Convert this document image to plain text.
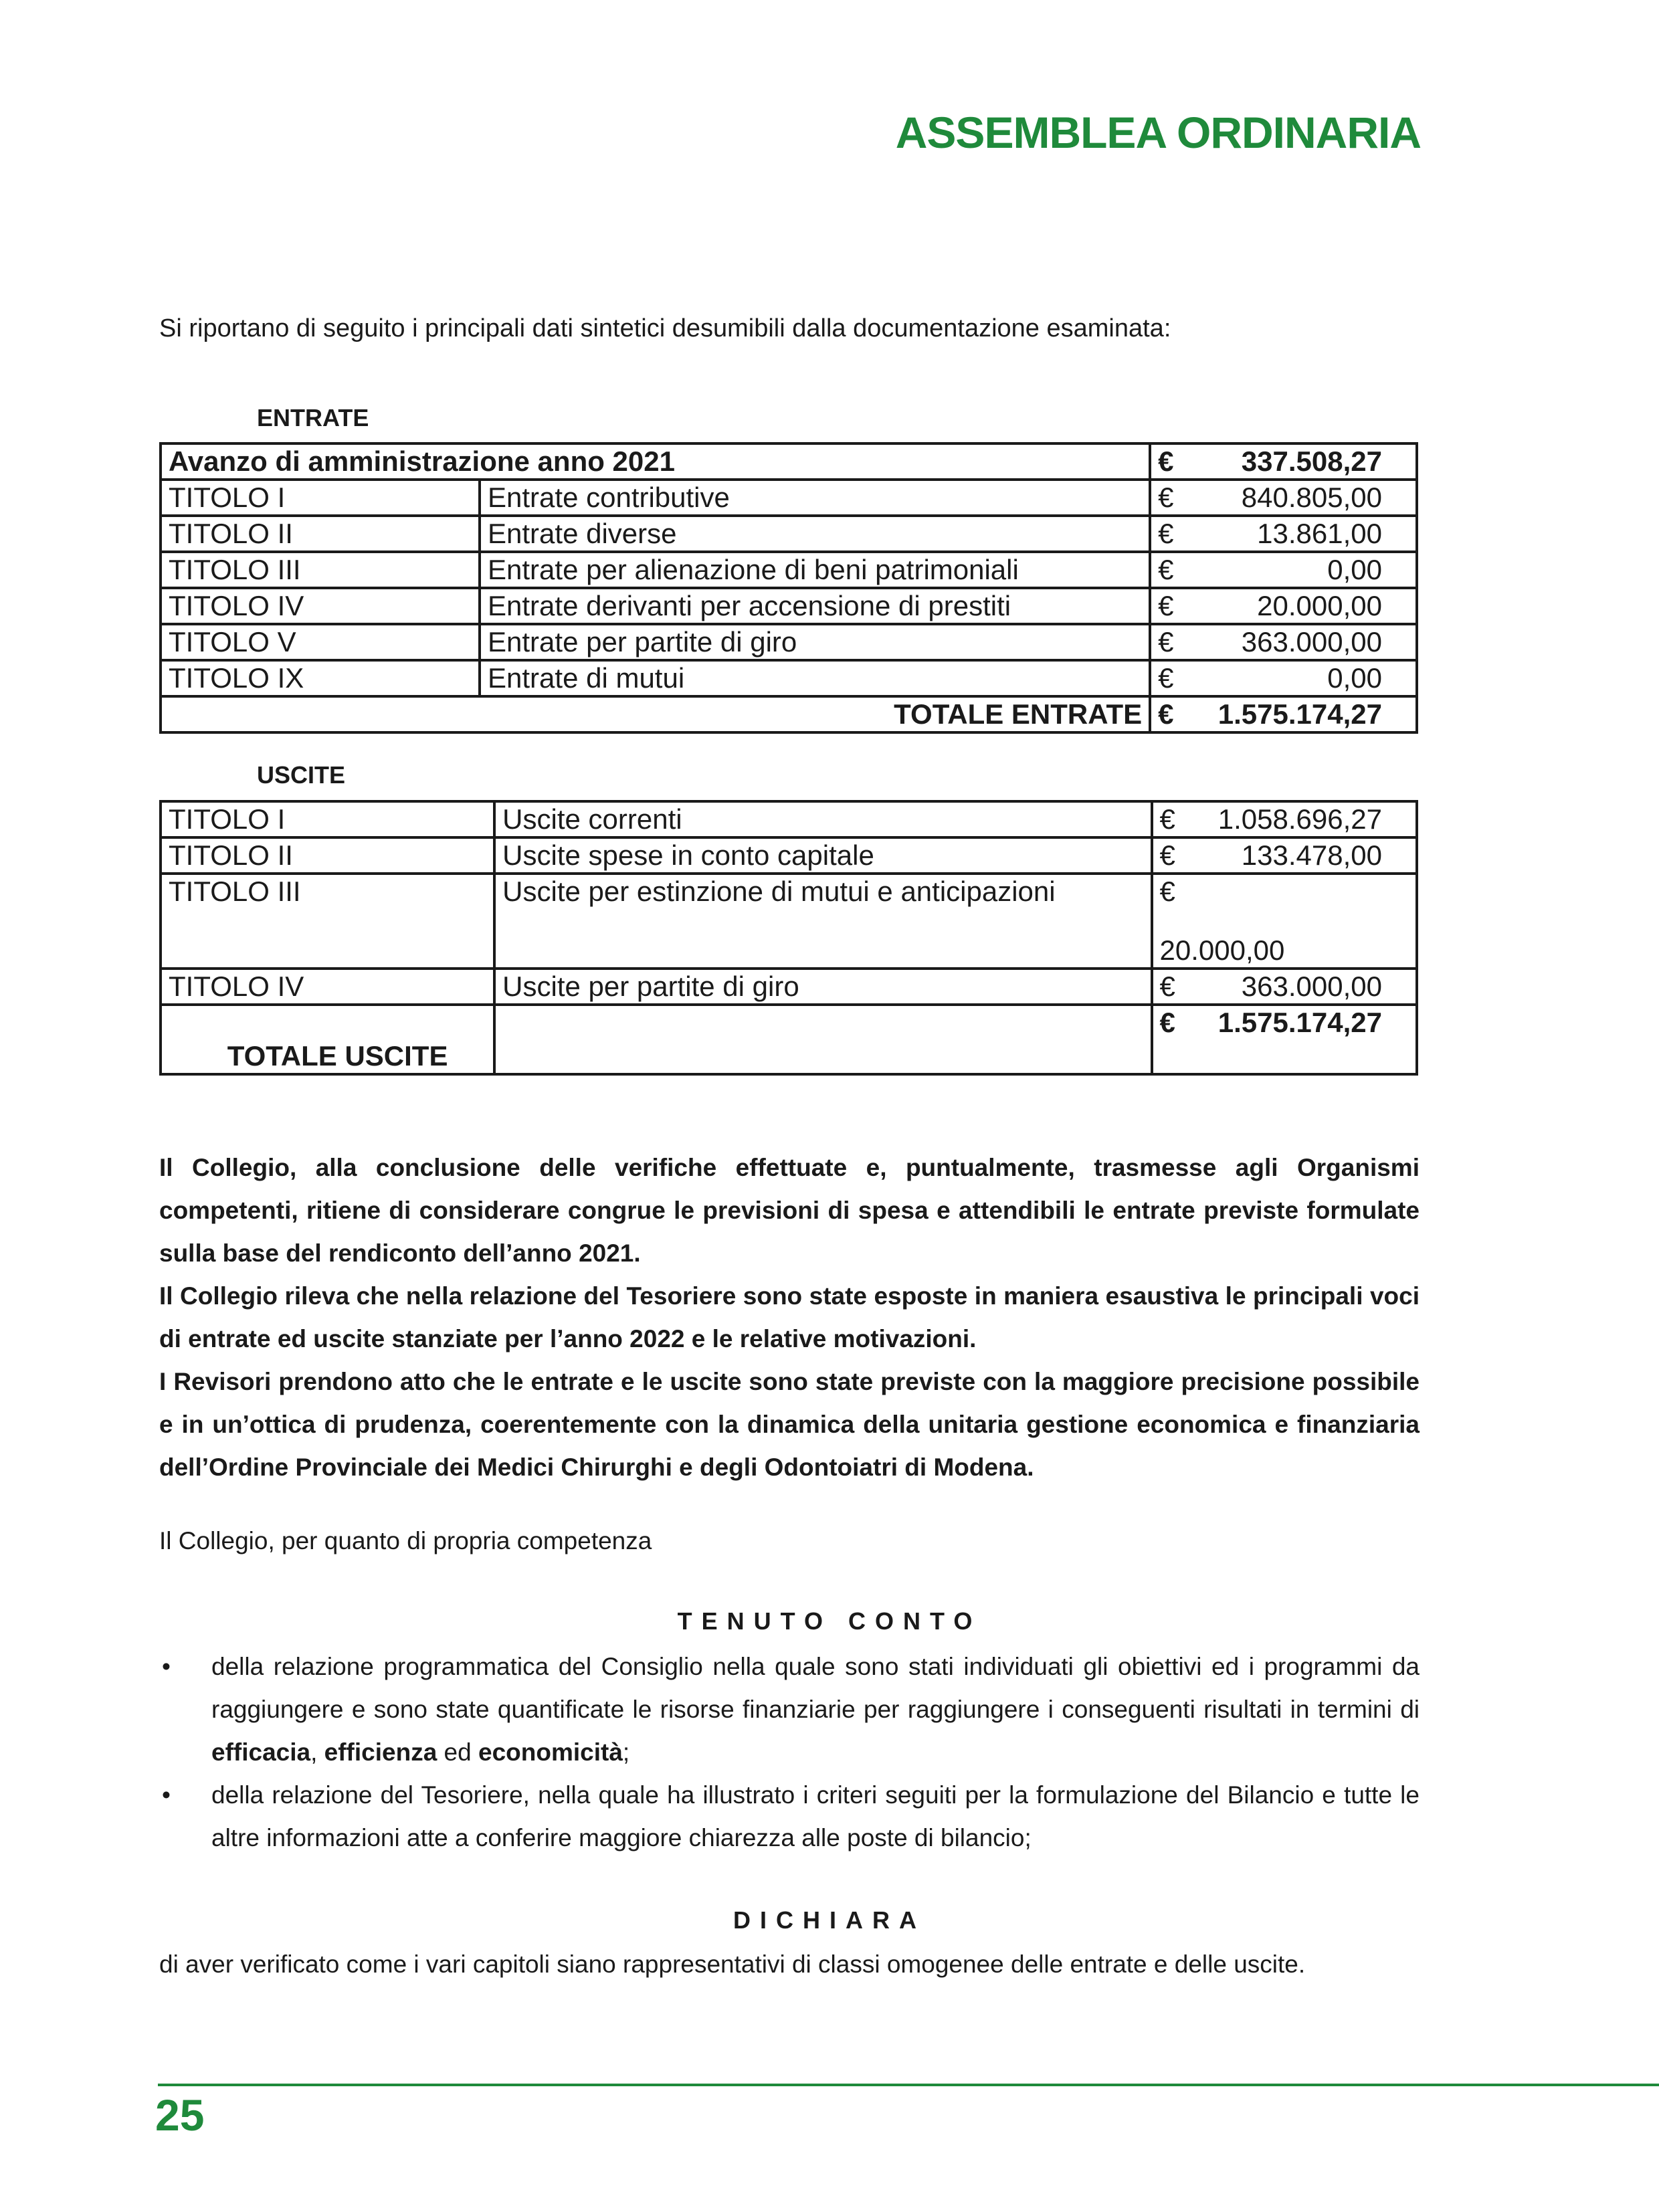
ASSEMBLEA ORDINARIA
Si riportano di seguito i principali dati sintetici desumibili dalla documentazione esaminata:
ENTRATE
Avanzo di amministrazione anno 2021		€ 337.508,27

TITOLO I	Entrate contributive	€ 840.805,00

TITOLO II	Entrate diverse	€ 13.861,00

TITOLO III	Entrate per alienazione di beni patrimoniali	€ 0,00

TITOLO IV	Entrate derivanti per accensione di prestiti	€ 20.000,00

TITOLO V	Entrate per partite di giro	€ 363.000,00

TITOLO IX	Entrate di mutui	€ 0,00

TOTALE ENTRATE		€ 1.575.174,27
USCITE
TITOLO I	Uscite correnti	€ 1.058.696,27

TITOLO II	Uscite spese in conto capitale	€ 133.478,00

TITOLO III	Uscite per estinzione di mutui e anticipazioni	€
20.000,00

TITOLO IV	Uscite per partite di giro	€ 363.000,00

TOTALE USCITE		€ 1.575.174,27

Il Collegio, alla conclusione delle verifiche effettuate e, puntualmente, trasmesse agli Organismi competenti, ritiene di considerare congrue le previsioni di spesa e attendibili le entrate previste formulate sulla base del rendiconto dell’anno 2021.

Il Collegio rileva che nella relazione del Tesoriere sono state esposte in maniera esaustiva le principali voci di entrate ed uscite stanziate per l’anno 2022 e le relative motivazioni.

I Revisori prendono atto che le entrate e le uscite sono state previste con la maggiore precisione possibile e in un’ottica di prudenza, coerentemente con la dinamica della unitaria gestione economica e finanziaria dell’Ordine Provinciale dei Medici Chirurghi e degli Odontoiatri di Modena.

Il Collegio, per quanto di propria competenza
TENUTO CONTO
•	della relazione programmatica del Consiglio nella quale sono stati individuati gli obiettivi ed i programmi da raggiungere e sono state quantificate le risorse finanziarie per raggiungere i conseguenti risultati in termini di efficacia, efficienza ed economicità;
•	della relazione del Tesoriere, nella quale ha illustrato i criteri seguiti per la formulazione del Bilancio e tutte le altre informazioni atte a conferire maggiore chiarezza alle poste di bilancio;
DICHIARA
di aver verificato come i vari capitoli siano rappresentativi di classi omogenee delle entrate e delle uscite.
25
